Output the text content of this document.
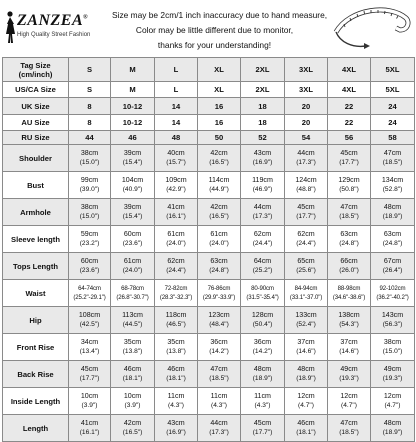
ZANZEA®
High Quality Street Fashion
Size may be 2cm/1 inch inaccuracy due to hand measure,
Color may be little different due to monitor,
thanks for your understanding!
Tag Size
(cm/inch)	S	M	L	XL	2XL	3XL	4XL	5XL
US/CA Size	S	M	L	XL	2XL	3XL	4XL	5XL
UK Size	8	10-12	14	16	18	20	22	24
AU Size	8	10-12	14	16	18	20	22	24
RU Size	44	46	48	50	52	54	56	58
Shoulder	38cm
(15.0")	39cm
(15.4")	40cm
(15.7")	42cm
(16.5")	43cm
(16.9")	44cm
(17.3")	45cm
(17.7")	47cm
(18.5")

Bust	99cm
(39.0")	104cm
(40.9")	109cm
(42.9")	114cm
(44.9")	119cm
(46.9")	124cm
(48.8")	129cm
(50.8")	134cm
(52.8")

Armhole	38cm
(15.0")	39cm
(15.4")	41cm
(16.1")	42cm
(16.5")	44cm
(17.3")	45cm
(17.7")	47cm
(18.5")	48cm
(18.9")

Sleeve length	59cm
(23.2")	60cm
(23.6")	61cm
(24.0")	61cm
(24.0")	62cm
(24.4")	62cm
(24.4")	63cm
(24.8")	63cm
(24.8")

Tops Length	60cm
(23.6")	61cm
(24.0")	62cm
(24.4")	63cm
(24.8")	64cm
(25.2")	65cm
(25.6")	66cm
(26.0")	67cm
(26.4")

Waist	64-74cm
(25.2"-29.1")	68-78cm
(26.8"-30.7")	72-82cm
(28.3"-32.3")	76-86cm
(29.9"-33.9")	80-90cm
(31.5"-35.4")	84-94cm
(33.1"-37.0")	88-98cm
(34.6"-38.6")	92-102cm
(36.2"-40.2")

Hip	108cm
(42.5")	113cm
(44.5")	118cm
(46.5")	123cm
(48.4")	128cm
(50.4")	133cm
(52.4")	138cm
(54.3")	143cm
(56.3")

Front Rise	34cm
(13.4")	35cm
(13.8")	35cm
(13.8")	36cm
(14.2")	36cm
(14.2")	37cm
(14.6")	37cm
(14.6")	38cm
(15.0")

Back Rise	45cm
(17.7")	46cm
(18.1")	46cm
(18.1")	47cm
(18.5")	48cm
(18.9")	48cm
(18.9")	49cm
(19.3")	49cm
(19.3")

Inside Length	10cm
(3.9")	10cm
(3.9")	11cm
(4.3")	11cm
(4.3")	11cm
(4.3")	12cm
(4.7")	12cm
(4.7")	12cm
(4.7")

Length	41cm
(16.1")	42cm
(16.5")	43cm
(16.9")	44cm
(17.3")	45cm
(17.7")	46cm
(18.1")	47cm
(18.5")	48cm
(18.9")
